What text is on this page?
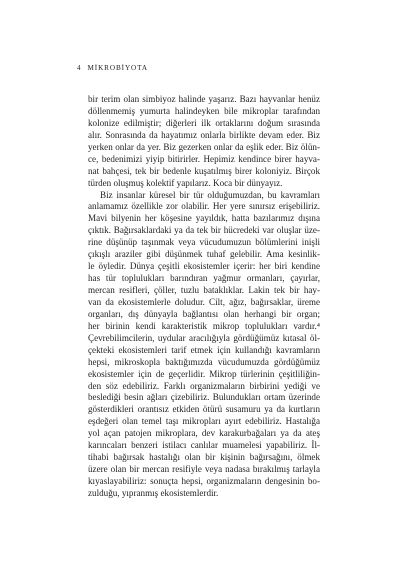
4 MİKROBİYOTA
bir terim olan simbiyoz halinde yaşarız. Bazı hayvanlar henüz
döllenmemiş yumurta halindeyken bile mikroplar tarafından
kolonize edilmiştir; diğerleri ilk ortaklarını doğum sırasında
alır. Sonrasında da hayatımız onlarla birlikte devam eder. Biz
yerken onlar da yer. Biz gezerken onlar da eşlik eder. Biz ölün-
ce, bedenimizi yiyip bitirirler. Hepimiz kendince birer hayva-
nat bahçesi, tek bir bedenle kuşatılmış birer koloniyiz. Birçok
türden oluşmuş kolektif yapılarız. Koca bir dünyayız.
Biz insanlar küresel bir tür olduğumuzdan, bu kavramları
anlamamız özellikle zor olabilir. Her yere sınırsız erişebiliriz.
Mavi bilyenin her köşesine yayıldık, hatta bazılarımız dışına
çıktık. Bağırsaklardaki ya da tek bir hücredeki var oluşlar üze-
rine düşünüp taşınmak veya vücudumuzun bölümlerini inişli
çıkışlı araziler gibi düşünmek tuhaf gelebilir. Ama kesinlik-
le öyledir. Dünya çeşitli ekosistemler içerir: her biri kendine
has tür toplulukları barındıran yağmur ormanları, çayırlar,
mercan resifleri, çöller, tuzlu bataklıklar. Lakin tek bir hay-
van da ekosistemlerle doludur. Cilt, ağız, bağırsaklar, üreme
organları, dış dünyayla bağlantısı olan herhangi bir organ;
her birinin kendi karakteristik mikrop toplulukları vardır.⁴
Çevrebilimcilerin, uydular aracılığıyla gördüğümüz kıtasal öl-
çekteki ekosistemleri tarif etmek için kullandığı kavramların
hepsi, mikroskopla baktığımızda vücudumuzda gördüğümüz
ekosistemler için de geçerlidir. Mikrop türlerinin çeşitliliğin-
den söz edebiliriz. Farklı organizmaların birbirini yediği ve
beslediği besin ağları çizebiliriz. Bulundukları ortam üzerinde
gösterdikleri orantısız etkiden ötürü susamuru ya da kurtların
eşdeğeri olan temel taşı mikropları ayırt edebiliriz. Hastalığa
yol açan patojen mikroplara, dev karakurbağaları ya da ateş
karıncaları benzeri istilacı canlılar muamelesi yapabiliriz. İl-
tihabi bağırsak hastalığı olan bir kişinin bağırsağını, ölmek
üzere olan bir mercan resifiyle veya nadasa bırakılmış tarlayla
kıyaslayabiliriz: sonuçta hepsi, organizmaların dengesinin bo-
zulduğu, yıpranmış ekosistemlerdir.
